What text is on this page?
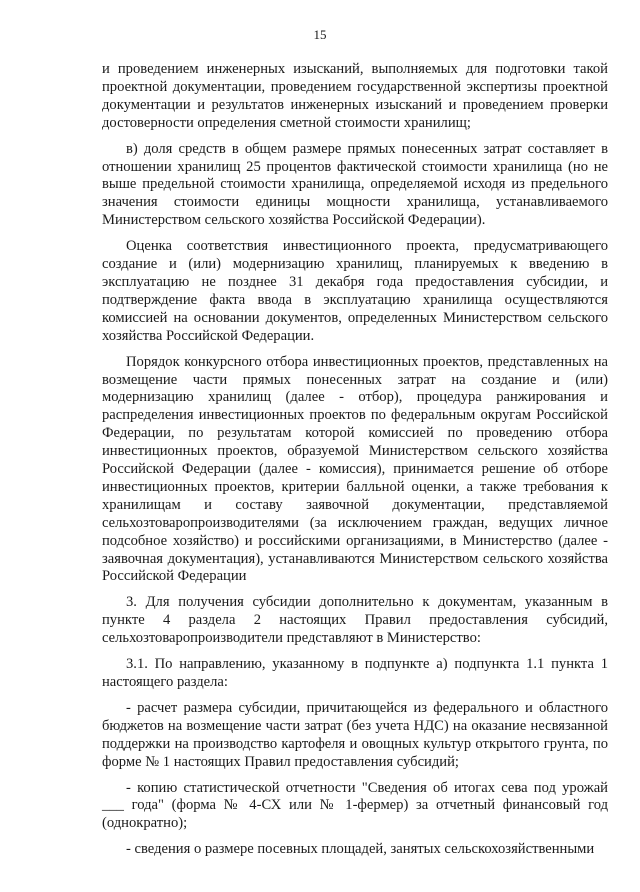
15

и проведением инженерных изысканий, выполняемых для подготовки такой проектной документации, проведением государственной экспертизы проектной документации и результатов инженерных изысканий и проведением проверки достоверности определения сметной стоимости хранилищ;

в) доля средств в общем размере прямых понесенных затрат составляет в отношении хранилищ 25 процентов фактической стоимости хранилища (но не выше предельной стоимости хранилища, определяемой исходя из предельного значения стоимости единицы мощности хранилища, устанавливаемого Министерством сельского хозяйства Российской Федерации).

Оценка соответствия инвестиционного проекта, предусматривающего создание и (или) модернизацию хранилищ, планируемых к введению в эксплуатацию не позднее 31 декабря года предоставления субсидии, и подтверждение факта ввода в эксплуатацию хранилища осуществляются комиссией на основании документов, определенных Министерством сельского хозяйства Российской Федерации.

Порядок конкурсного отбора инвестиционных проектов, представленных на возмещение части прямых понесенных затрат на создание и (или) модернизацию хранилищ (далее - отбор), процедура ранжирования и распределения инвестиционных проектов по федеральным округам Российской Федерации, по результатам которой комиссией по проведению отбора инвестиционных проектов, образуемой Министерством сельского хозяйства Российской Федерации (далее - комиссия), принимается решение об отборе инвестиционных проектов, критерии балльной оценки, а также требования к хранилищам и составу заявочной документации, представляемой сельхозтоваропроизводителями (за исключением граждан, ведущих личное подсобное хозяйство) и российскими организациями, в Министерство (далее - заявочная документация), устанавливаются Министерством сельского хозяйства Российской Федерации

3. Для получения субсидии дополнительно к документам, указанным в пункте 4 раздела 2 настоящих Правил предоставления субсидий, сельхозтоваропроизводители представляют в Министерство:

3.1. По направлению, указанному в подпункте а) подпункта 1.1 пункта 1 настоящего раздела:

- расчет размера субсидии, причитающейся из федерального и областного бюджетов на возмещение части затрат (без учета НДС) на оказание несвязанной поддержки на производство картофеля и овощных культур открытого грунта, по форме № 1 настоящих Правил предоставления субсидий;

- копию статистической отчетности "Сведения об итогах сева под урожай ___ года" (форма № 4-СХ или № 1-фермер) за отчетный финансовый год (однократно);

- сведения о размере посевных площадей, занятых сельскохозяйственными
